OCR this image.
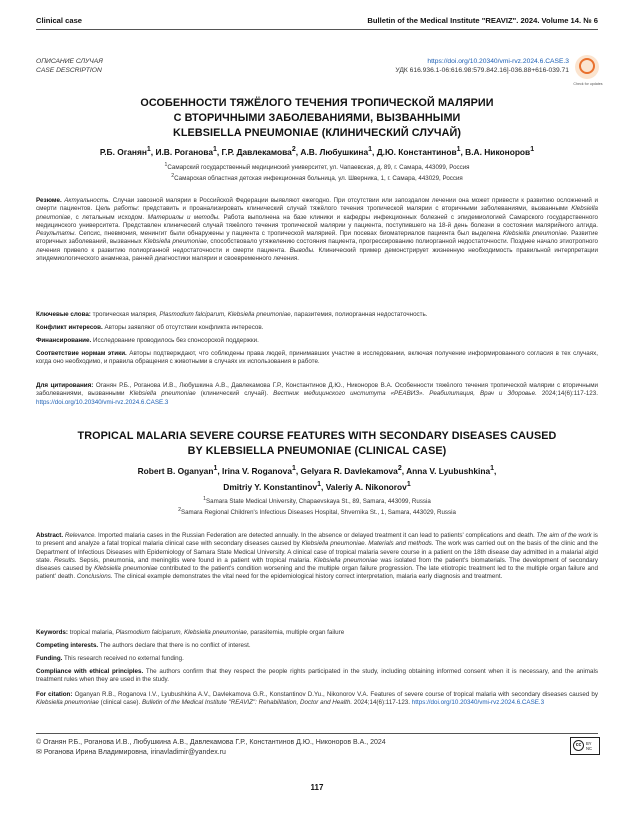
Clinical case	Bulletin of the Medical Institute "REAVIZ". 2024. Volume 14. № 6
ОПИСАНИЕ СЛУЧАЯ
CASE DESCRIPTION
https://doi.org/10.20340/vmi-rvz.2024.6.CASE.3
УДК 616.936.1-06:616.98:579.842.16]-036.88+616-039.71
Check for updates
ОСОБЕННОСТИ ТЯЖЁЛОГО ТЕЧЕНИЯ ТРОПИЧЕСКОЙ МАЛЯРИИ
С ВТОРИЧНЫМИ ЗАБОЛЕВАНИЯМИ, ВЫЗВАННЫМИ
KLEBSIELLA PNEUMONIAE (КЛИНИЧЕСКИЙ СЛУЧАЙ)
Р.Б. Оганян$^1$, И.В. Роганова$^1$, Г.Р. Давлекамова$^2$, А.В. Любушкина$^1$, Д.Ю. Константинов$^1$, В.А. Никоноров$^1$
$^1$Самарский государственный медицинский университет, ул. Чапаевская, д. 89, г. Самара, 443099, Россия
$^2$Самарская областная детская инфекционная больница, ул. Шверника, 1, г. Самара, 443029, Россия
Резюме. Актуальность. Случаи завозной малярии в Российской Федерации выявляют ежегодно. При отсутствии или запоздалом лечении она может привести к развитию осложнений и смерти пациентов. Цель работы: представить и проанализировать клинический случай тяжёлого течения тропической малярии с вторичными заболеваниями, вызванными Klebsiella pneumoniae, с летальным исходом. Материалы и методы. Работа выполнена на базе клиники и кафедры инфекционных болезней с эпидемиологией Самарского государственного медицинского университета. Представлен клинический случай тяжёлого течения тропической малярии у пациента, поступившего на 18-й день болезни в состоянии малярийного алгида. Результаты. Сепсис, пневмония, менингит были обнаружены у пациента с тропической малярией. При посевах биоматериалов пациента был выделена Klebsiella pneumoniae. Развитие вторичных заболеваний, вызванных Klebsiella pneumoniae, способствовало утяжелению состояния пациента, прогрессированию полиорганной недостаточности. Позднее начало этиотропного лечения привело к развитию полиорганной недостаточности и смерти пациента. Выводы. Клинический пример демонстрирует жизненную необходимость правильной интерпретации эпидемиологического анамнеза, ранней диагностики малярии и своевременного лечения.
Ключевые слова: тропическая малярия, Plasmodium falciparum, Klebsiella pneumoniae, паразитемия, полиорганная недостаточность.
Конфликт интересов. Авторы заявляют об отсутствии конфликта интересов.
Финансирование. Исследование проводилось без спонсорской поддержки.
Соответствие нормам этики. Авторы подтверждают, что соблюдены права людей, принимавших участие в исследовании, включая получение информированного согласия в тех случаях, когда оно необходимо, и правила обращения с животными в случаях их использования в работе.
Для цитирования: Оганян Р.Б., Роганова И.В., Любушкина А.В., Давлекамова Г.Р., Константинов Д.Ю., Никоноров В.А. Особенности тяжёлого течения тропической малярии с вторичными заболеваниями, вызванными Klebsiella pneumoniae (клинический случай). Вестник медицинского института «РЕАВИЗ». Реабилитация, Врач и Здоровье. 2024;14(6):117-123. https://doi.org/10.20340/vmi-rvz.2024.6.CASE.3
TROPICAL MALARIA SEVERE COURSE FEATURES WITH SECONDARY DISEASES CAUSED
BY KLEBSIELLA PNEUMONIAE (CLINICAL CASE)
Robert B. Oganyan$^1$, Irina V. Roganova$^1$, Gelyara R. Davlekamova$^2$, Anna V. Lyubushkina$^1$,
Dmitriy Y. Konstantinov$^1$, Valeriy A. Nikonorov$^1$
$^1$Samara State Medical University, Chapaevskaya St., 89, Samara, 443099, Russia
$^2$Samara Regional Children's Infectious Diseases Hospital, Shvernika St., 1, Samara, 443029, Russia
Abstract. Relevance. Imported malaria cases in the Russian Federation are detected annually. In the absence or delayed treatment it can lead to patients' complications and death. The aim of the work is to present and analyze a fatal tropical malaria clinical case with secondary diseases caused by Klebsiella pneumoniae. Materials and methods. The work was carried out on the basis of the clinic and the Department of Infectious Diseases with Epidemiology of Samara State Medical University. A clinical case of tropical malaria severe course in a patient on the 18th disease day admitted in a malarial algid state. Results. Sepsis, pneumonia, and meningitis were found in a patient with tropical malaria. Klebsiella pneumoniae was isolated from the patient's biomaterials. The development of secondary diseases caused by Klebsiella pneumoniae contributed to the patient's condition worsening and the multiple organ failure progression. The late etiotropic treatment led to the multiple organ failure and patient' death. Conclusions. The clinical example demonstrates the vital need for the epidemiological history correct interpretation, malaria early diagnosis and treatment.
Keywords: tropical malaria, Plasmodium falciparum, Klebsiella pneumoniae, parasitemia, multiple organ failure
Competing interests. The authors declare that there is no conflict of interest.
Funding. This research received no external funding.
Compliance with ethical principles. The authors confirm that they respect the people rights participated in the study, including obtaining informed consent when it is necessary, and the animals treatment rules when they are used in the study.
For citation: Oganyan R.B., Roganova I.V., Lyubushkina A.V., Davlekamova G.R., Konstantinov D.Yu., Nikonorov V.A. Features of severe course of tropical malaria with secondary diseases caused by Klebsiella pneumoniae (clinical case). Bulletin of the Medical Institute "REAVIZ": Rehabilitation, Doctor and Health. 2024;14(6):117-123. https://doi.org/10.20340/vmi-rvz.2024.6.CASE.3
© Оганян Р.Б., Роганова И.В., Любушкина А.В., Давлекамова Г.Р., Константинов Д.Ю., Никоноров В.А., 2024
✉ Роганова Ирина Владимировна, irinavladimir@yandex.ru
cc	BY
NC
117
